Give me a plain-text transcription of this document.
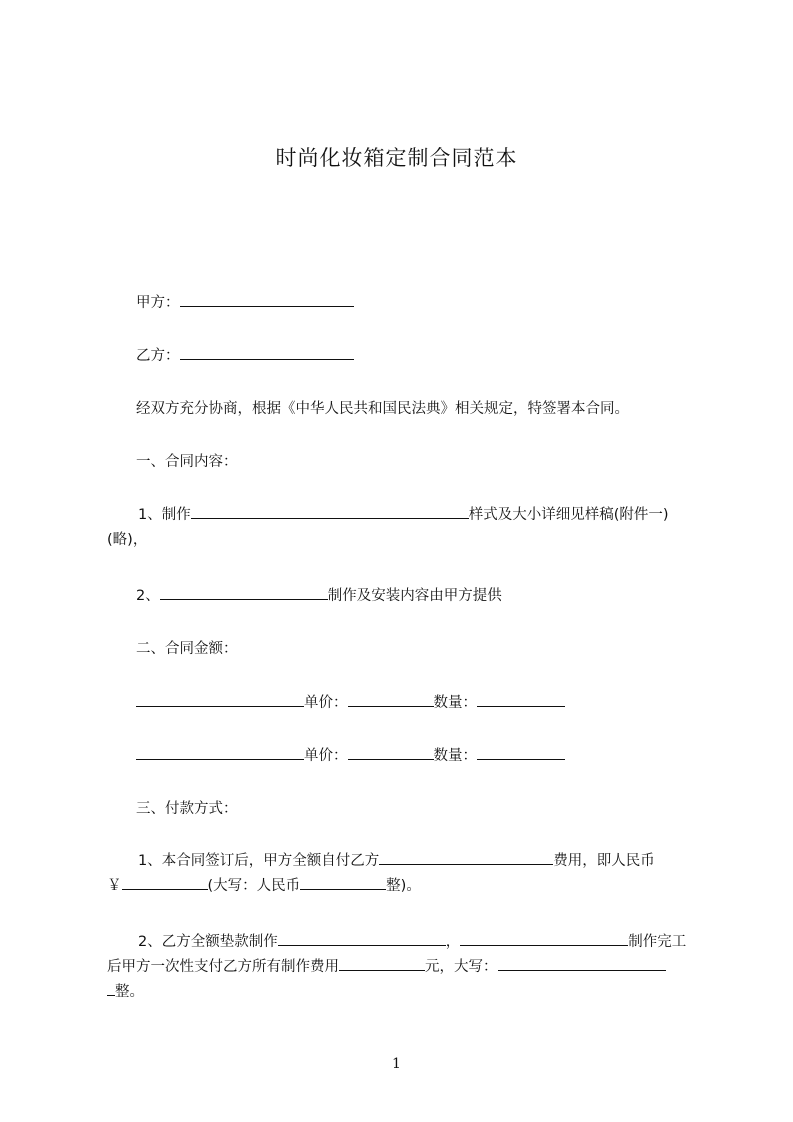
时尚化妆箱定制合同范本
甲方：
乙方：
经双方充分协商，根据《中华人民共和国民法典》相关规定，特签署本合同。
一、合同内容：
1、制作	样式及大小详细见样稿(附件一)
(略)，
2、	制作及安装内容由甲方提供
二、合同金额：
单价：	数量：
单价：	数量：
三、付款方式：
1、本合同签订后，甲方全额自付乙方	费用，即人民币
￥	(大写：人民币	整)。
2、乙方全额垫款制作	，	制作完工
后甲方一次性支付乙方所有制作费用	元，大写：
整。
1
